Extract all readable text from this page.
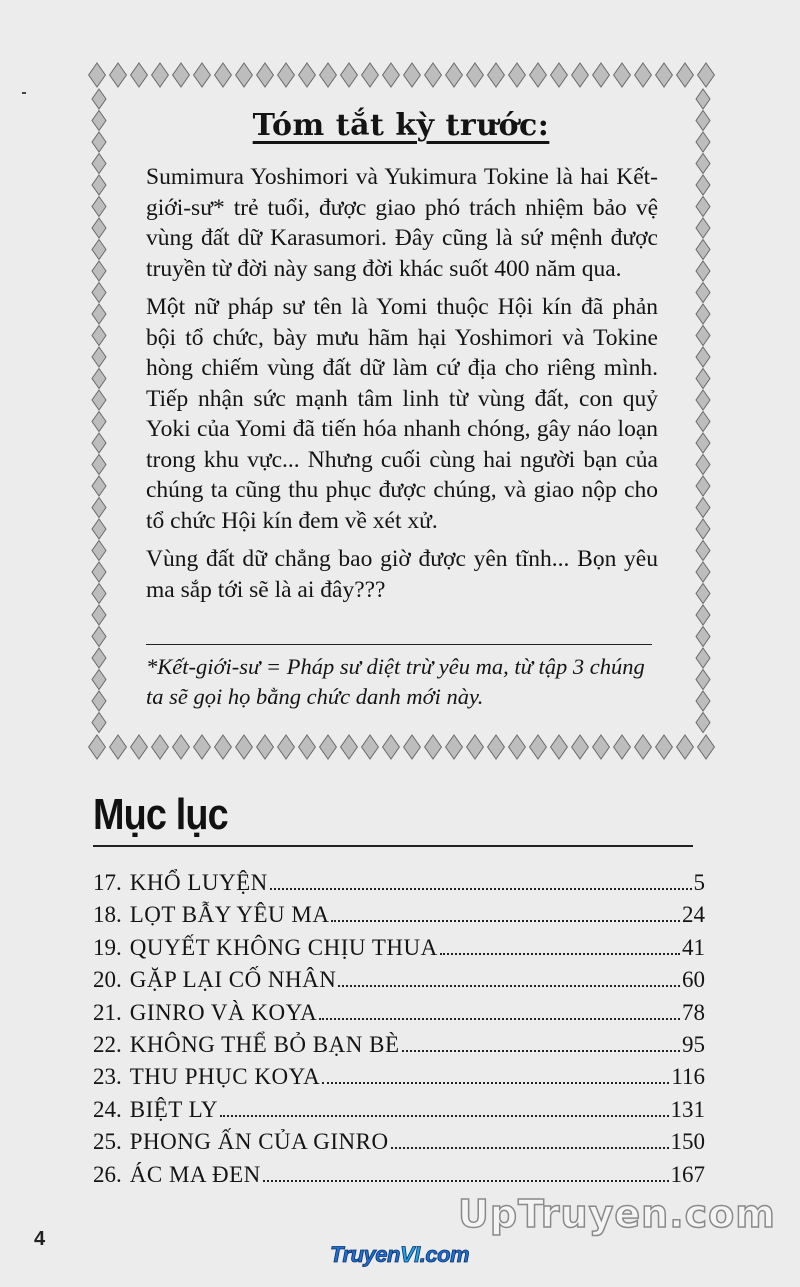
Tóm tắt kỳ trước:

Sumimura Yoshimori và Yukimura Tokine là hai Kết-giới-sư* trẻ tuổi, được giao phó trách nhiệm bảo vệ vùng đất dữ Karasumori. Đây cũng là sứ mệnh được truyền từ đời này sang đời khác suốt 400 năm qua.

Một nữ pháp sư tên là Yomi thuộc Hội kín đã phản bội tổ chức, bày mưu hãm hại Yoshimori và Tokine hòng chiếm vùng đất dữ làm cứ địa cho riêng mình. Tiếp nhận sức mạnh tâm linh từ vùng đất, con quỷ Yoki của Yomi đã tiến hóa nhanh chóng, gây náo loạn trong khu vực... Nhưng cuối cùng hai người bạn của chúng ta cũng thu phục được chúng, và giao nộp cho tổ chức Hội kín đem về xét xử.

Vùng đất dữ chẳng bao giờ được yên tĩnh... Bọn yêu ma sắp tới sẽ là ai đây???

*Kết-giới-sư = Pháp sư diệt trừ yêu ma, từ tập 3 chúng ta sẽ gọi họ bằng chức danh mới này.
Mục lục
17. KHỔ LUYỆN	5
18. LỌT BẪY YÊU MA	24
19. QUYẾT KHÔNG CHỊU THUA	41
20. GẶP LẠI CỐ NHÂN	60
21. GINRO VÀ KOYA	78
22. KHÔNG THỂ BỎ BẠN BÈ	95
23. THU PHỤC KOYA	116
24. BIỆT LY	131
25. PHONG ẤN CỦA GINRO	150
26. ÁC MA ĐEN	167
4
UpTruyen.com
TruyenVI.com
